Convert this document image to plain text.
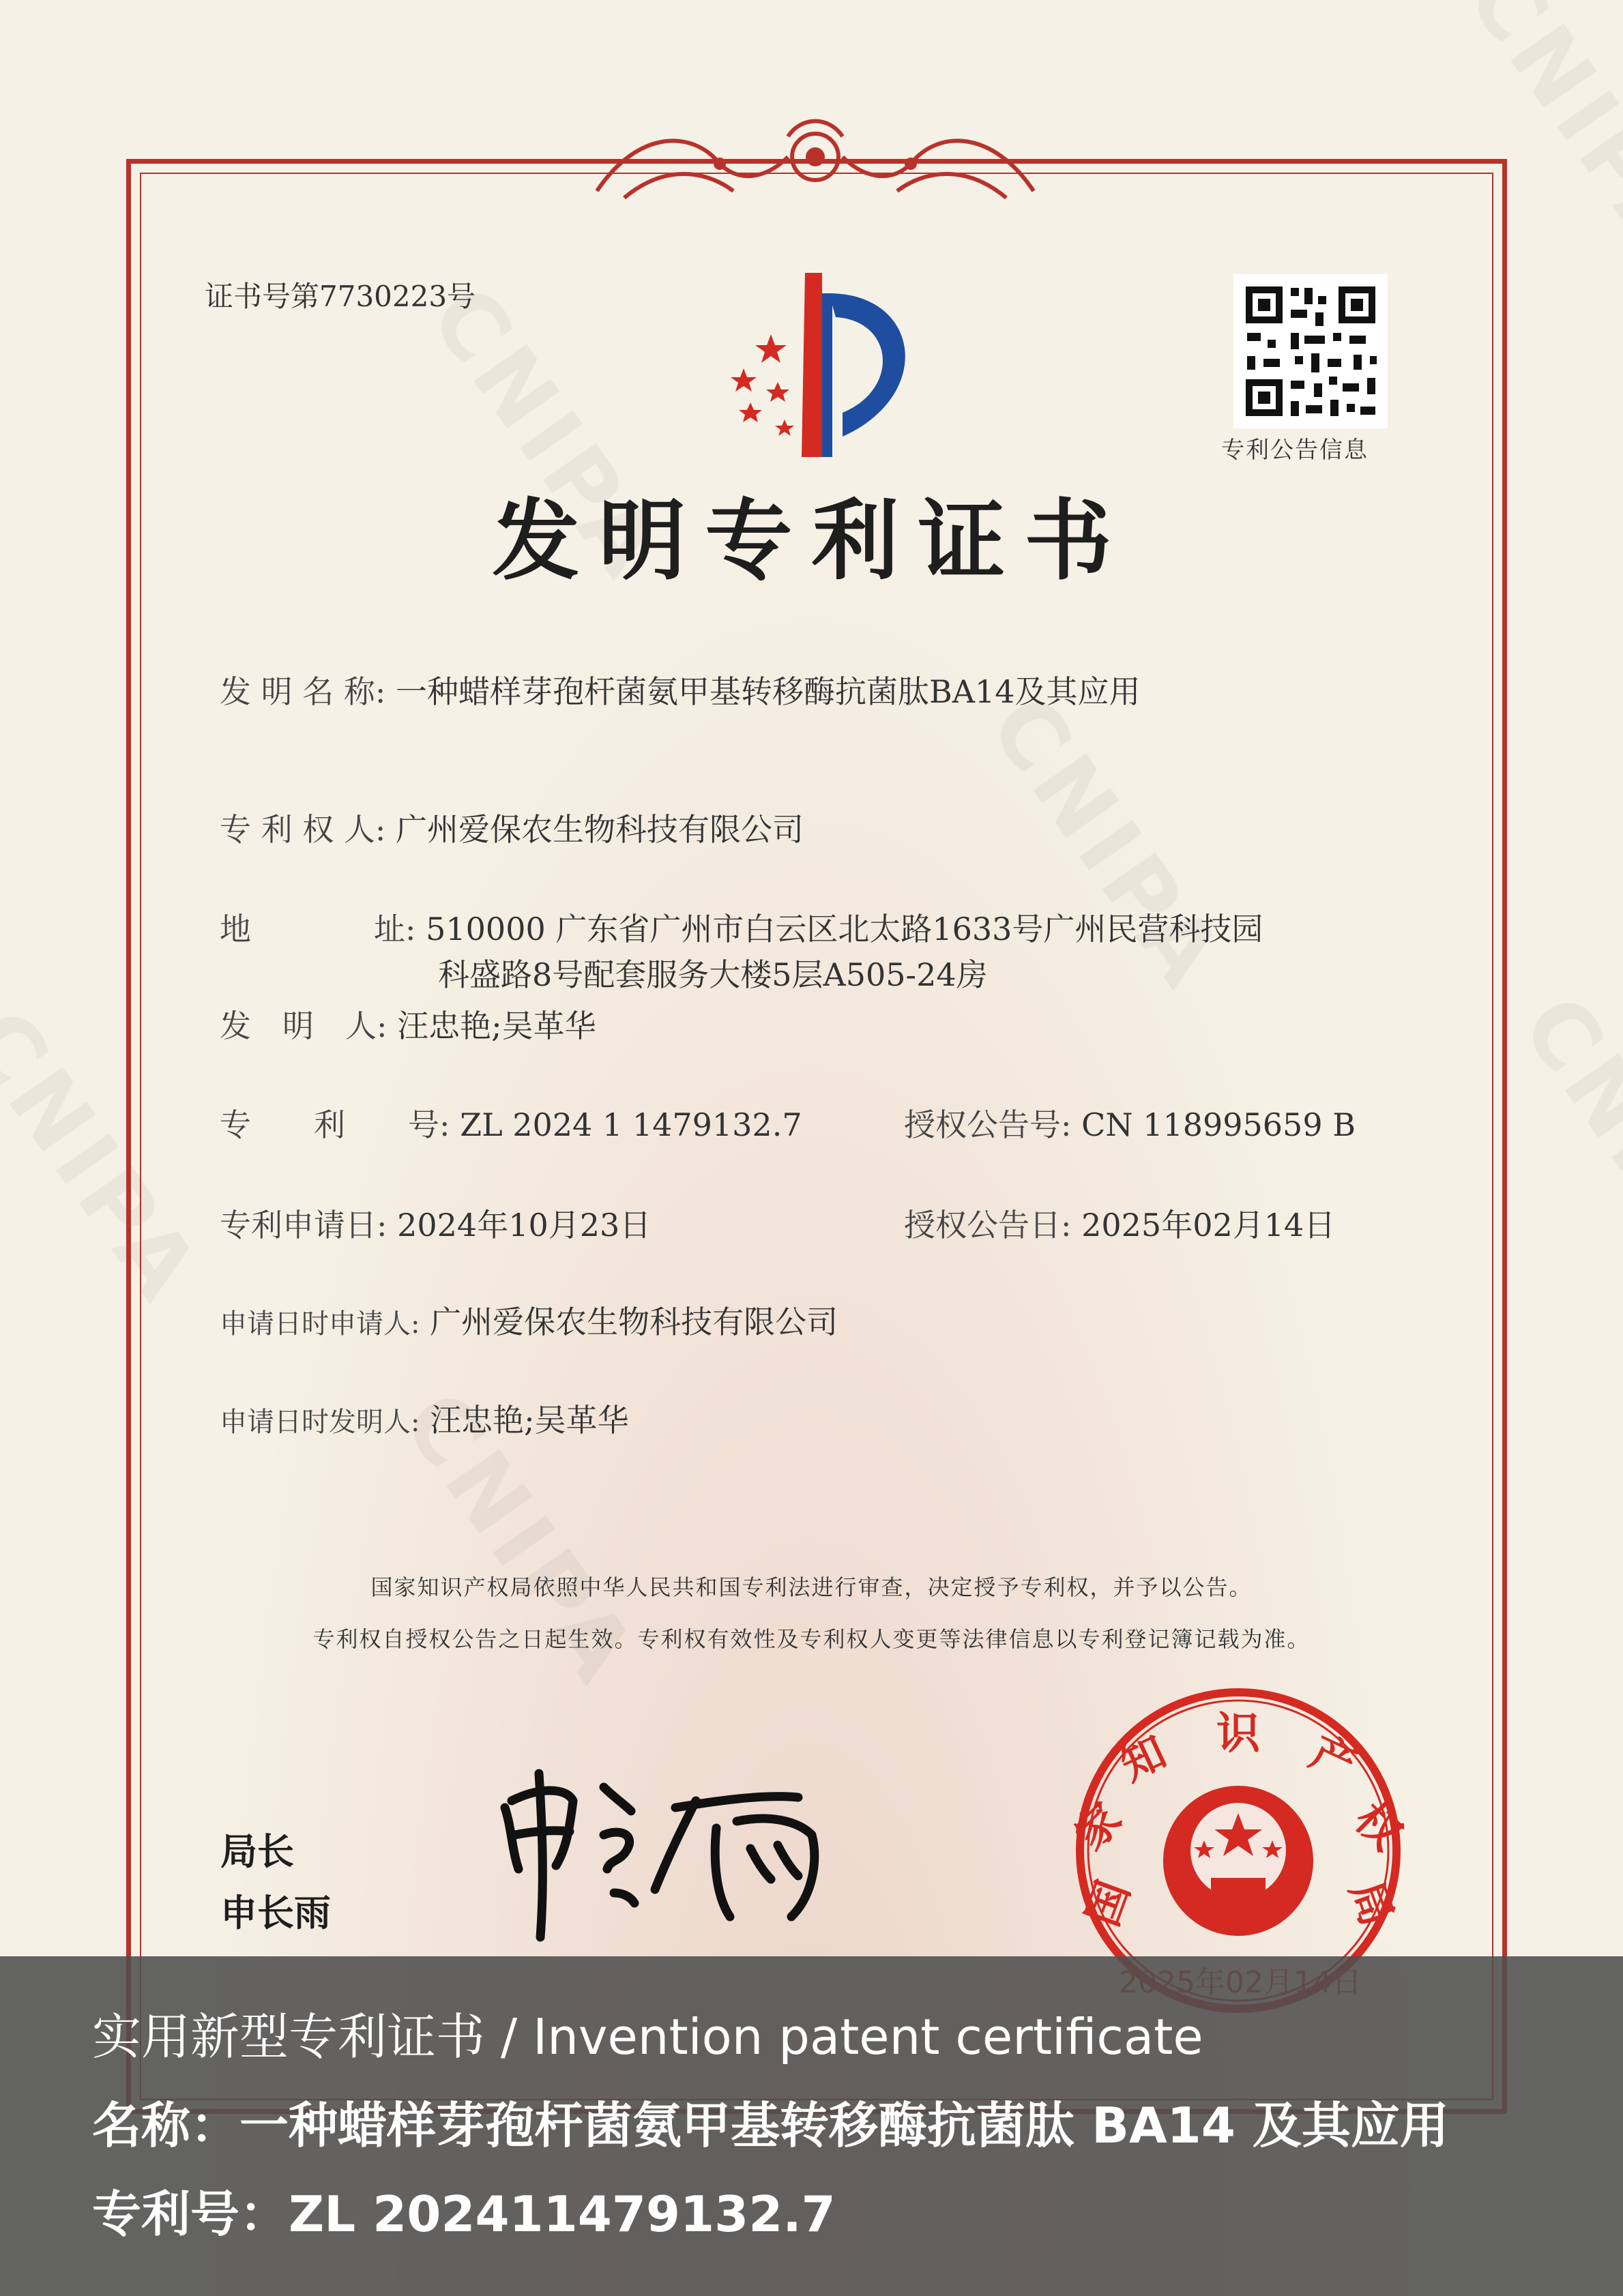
证书号第7730223号
专利公告信息
发明专利证书
发 明 名 称: 一种蜡样芽孢杆菌氨甲基转移酶抗菌肽BA14及其应用
专 利 权 人: 广州爱保农生物科技有限公司
地	址: 510000 广东省广州市白云区北太路1633号广州民营科技园
科盛路8号配套服务大楼5层A505-24房
发　明　人: 汪忠艳;吴革华
专　　利　　号: ZL 2024 1 1479132.7	授权公告号: CN 118995659 B
专利申请日: 2024年10月23日	授权公告日: 2025年02月14日
申请日时申请人: 广州爱保农生物科技有限公司
申请日时发明人: 汪忠艳;吴革华
国家知识产权局依照中华人民共和国专利法进行审查，决定授予专利权，并予以公告。
专利权自授权公告之日起生效。专利权有效性及专利权人变更等法律信息以专利登记簿记载为准。
局长
申长雨	国
家
知 识 产
权
局
实用新型专利证书 / Invention patent certificate
名称：一种蜡样芽孢杆菌氨甲基转移酶抗菌肽 BA14 及其应用
专利号：ZL 202411479132.7
